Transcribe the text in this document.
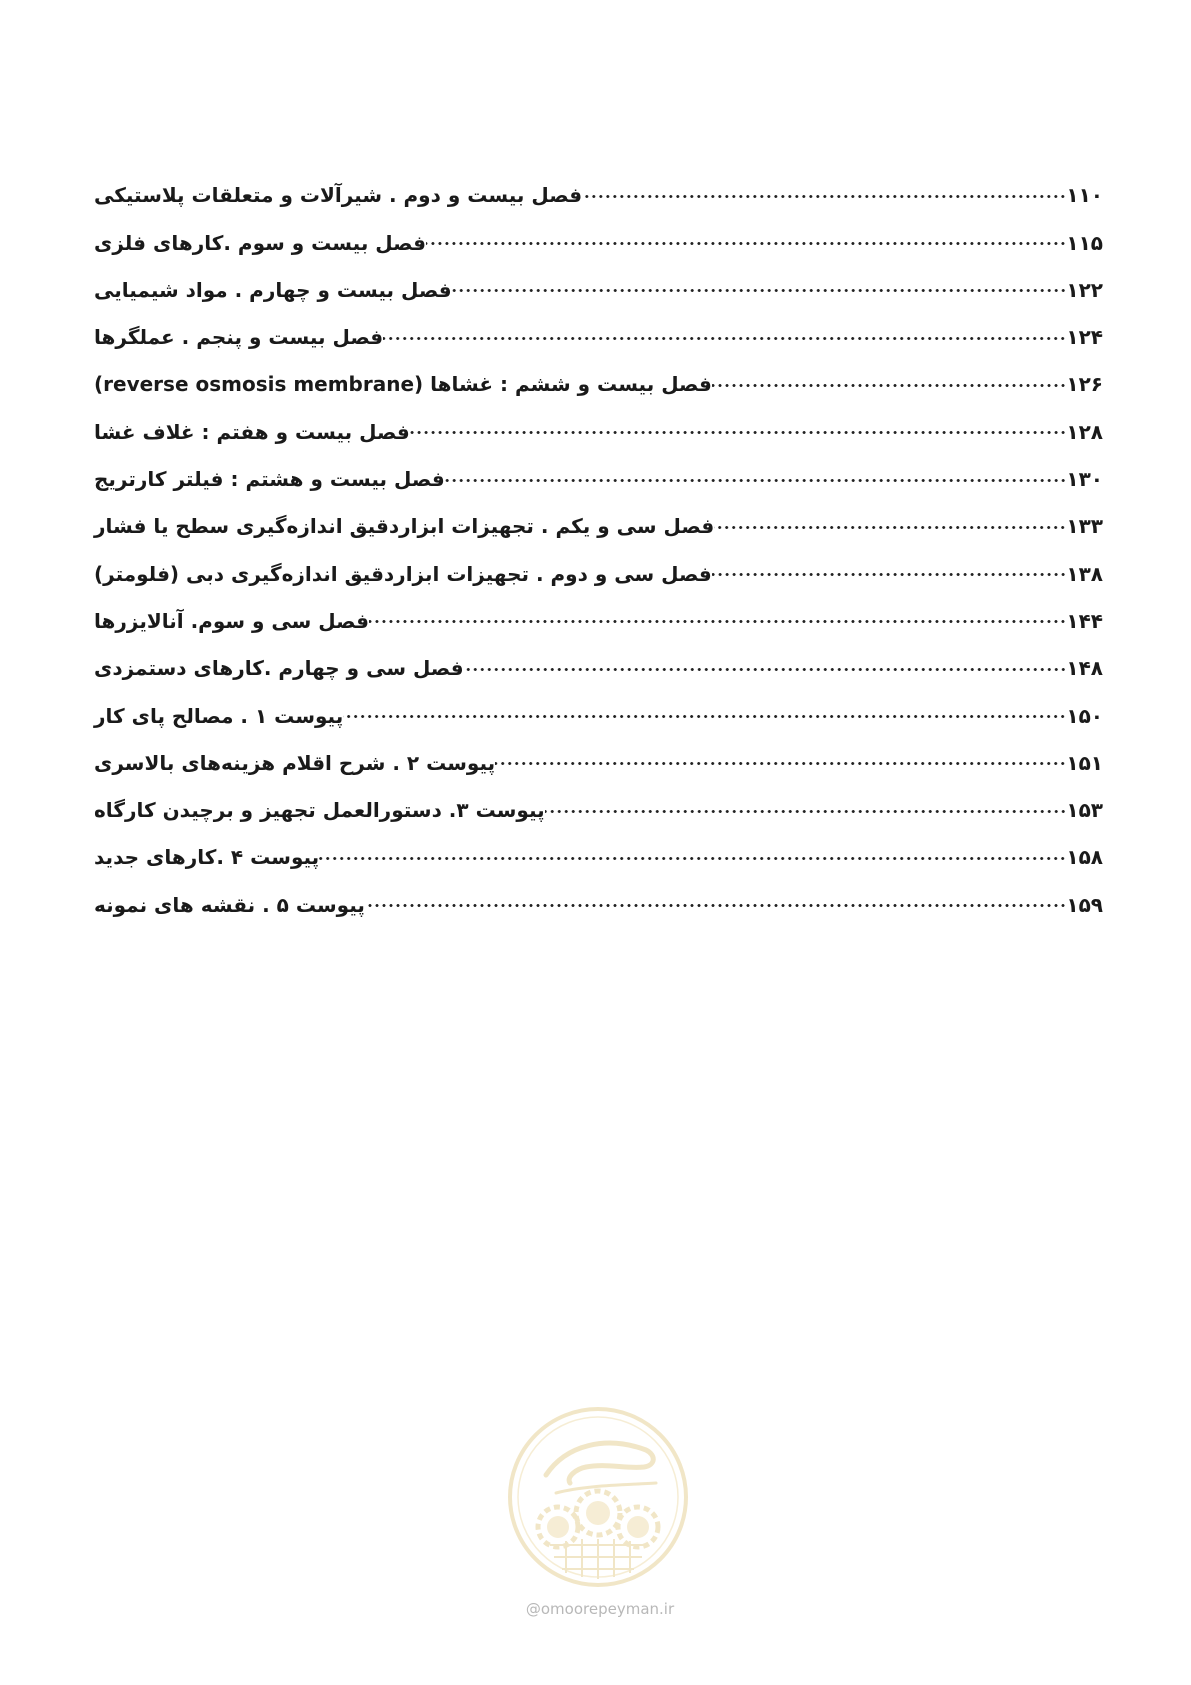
فصل بیست و دوم . شیرآلات و متعلقات پلاستیکی	۱۱۰
فصل بیست و سوم .کارهای فلزی	۱۱۵
فصل بیست و چهارم . مواد شیمیایی	۱۲۲
فصل بیست و پنجم . عملگرها	۱۲۴
فصل بیست و ششم : غشاها (reverse osmosis membrane)	۱۲۶
فصل بیست و هفتم : غلاف غشا	۱۲۸
فصل بیست و هشتم : فیلتر کارتریج	۱۳۰
فصل سی و یکم . تجهیزات ابزاردقیق اندازه‌گیری سطح یا فشار	۱۳۳
فصل سی و دوم . تجهیزات ابزاردقیق اندازه‌گیری دبی (فلومتر)	۱۳۸
فصل سی و سوم. آنالایزرها	۱۴۴
فصل سی و چهارم .کارهای دستمزدی	۱۴۸
پیوست ۱ . مصالح پای کار	۱۵۰
پیوست ۲ . شرح اقلام هزینه‌های بالاسری	۱۵۱
پیوست ۳. دستورالعمل تجهیز و برچیدن کارگاه	۱۵۳
پیوست ۴ .کارهای جدید	۱۵۸
پیوست ۵ . نقشه های نمونه	۱۵۹
@omoorepeyman.ir
